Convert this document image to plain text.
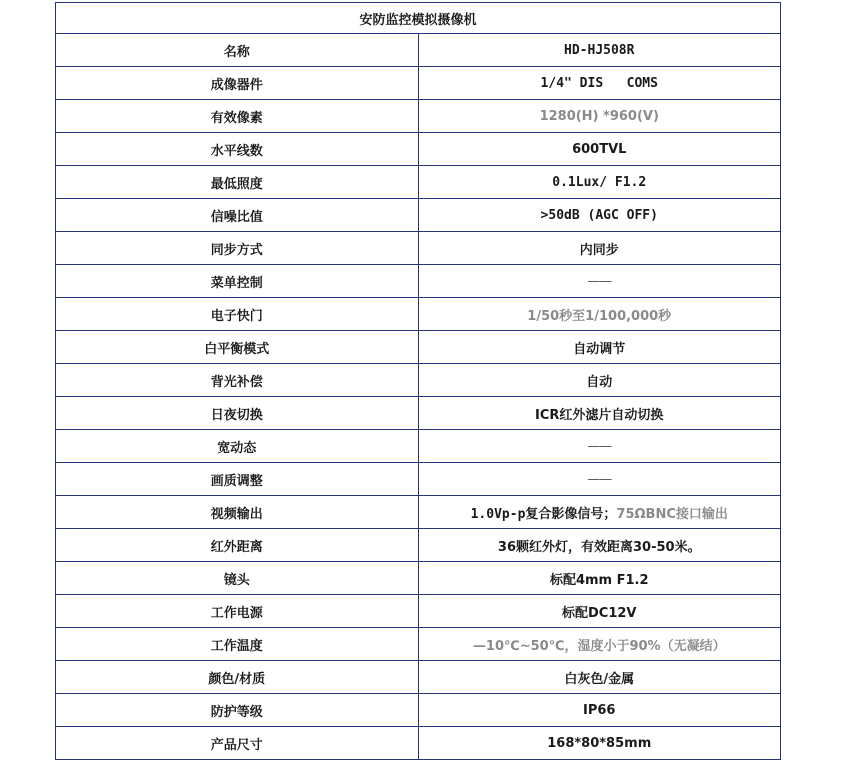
安防监控模拟摄像机	
名称	HD-HJ508R
成像器件	1/4" DIS   COMS
有效像素	1280(H) *960(V)
水平线数	600TVL
最低照度	0.1Lux/ F1.2
信噪比值	>50dB (AGC OFF)
同步方式	内同步
菜单控制	——
电子快门	1/50秒至1/100,000秒
白平衡模式	自动调节
背光补偿	自动
日夜切换	ICR红外滤片自动切换
宽动态	——
画质调整	——
视频输出	1.0Vp-p复合影像信号；75ΩBNC接口输出
红外距离	36颗红外灯，有效距离30-50米。
镜头	标配4mm F1.2
工作电源	标配DC12V
工作温度	—10℃~50℃，湿度小于90%（无凝结）
颜色/材质	白灰色/金属
防护等级	IP66
产品尺寸	168*80*85mm
